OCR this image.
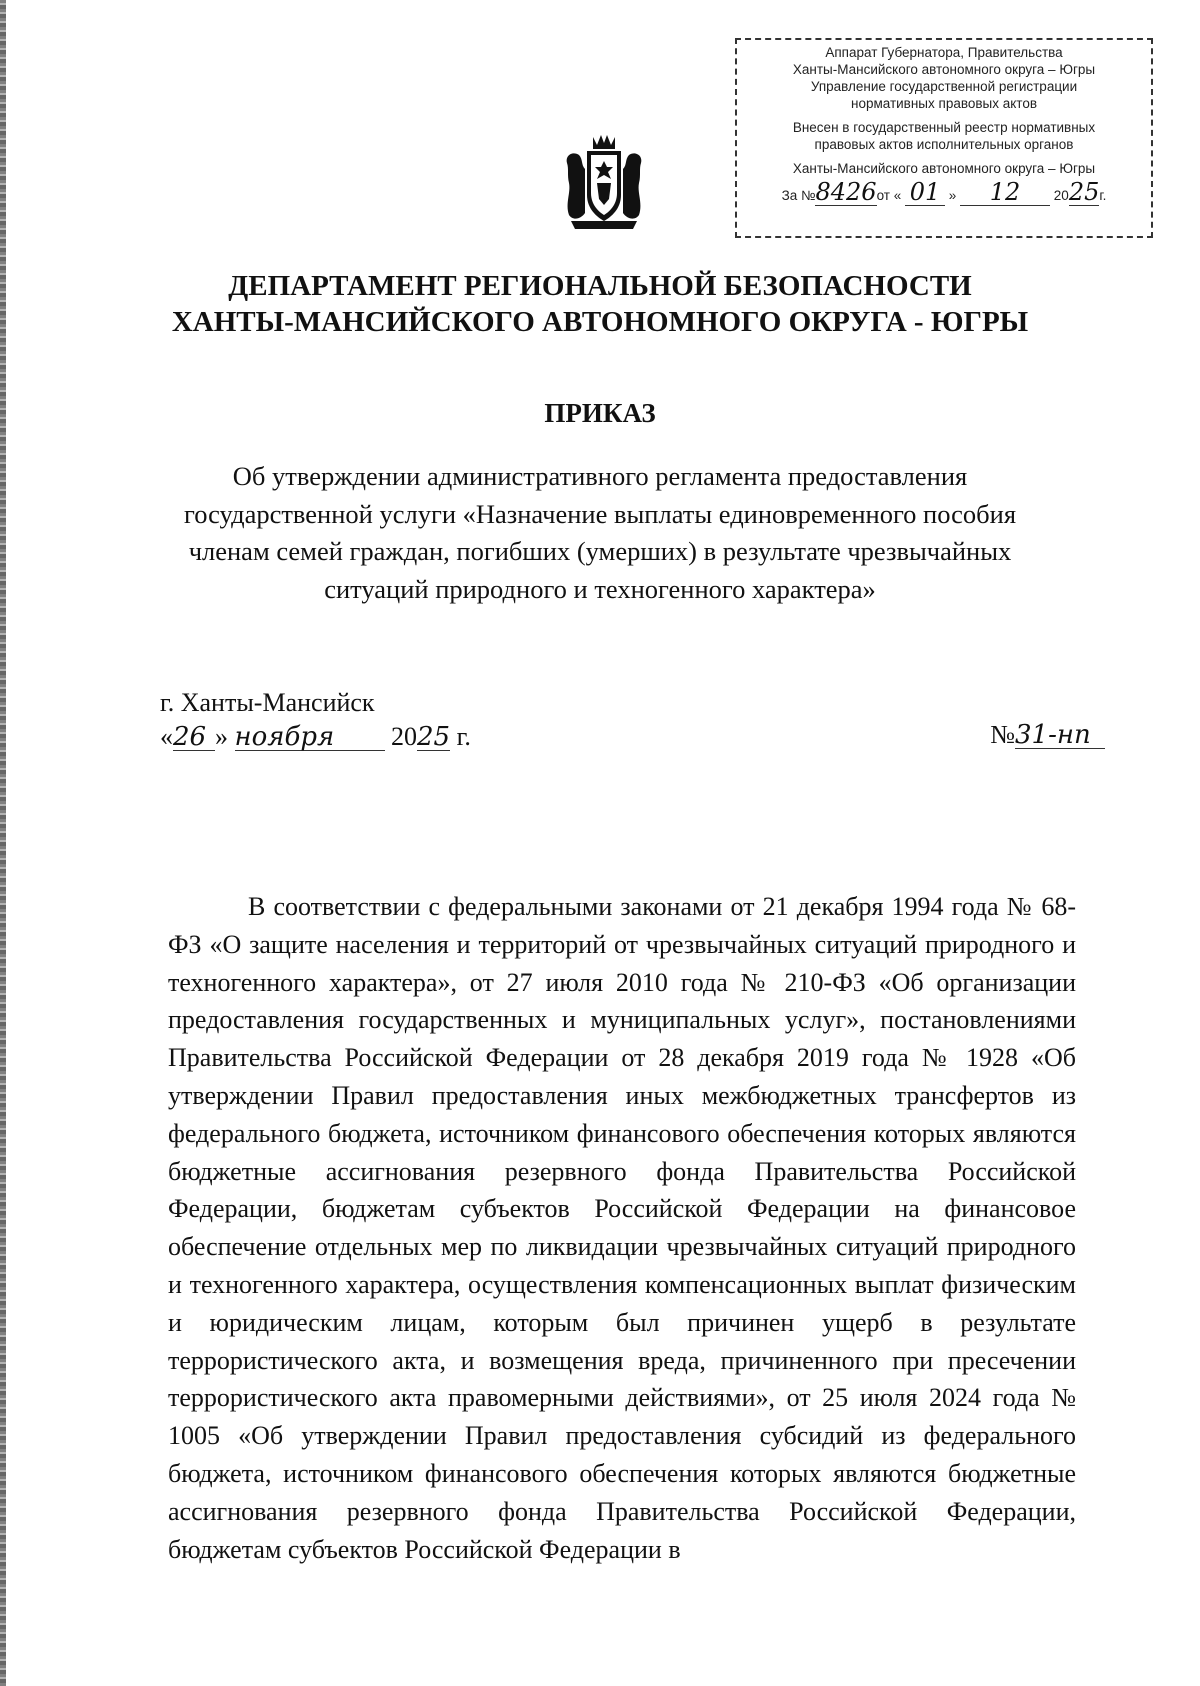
Аппарат Губернатора, Правительства
Ханты-Мансийского автономного округа – Югры
Управление государственной регистрации
нормативных правовых актов
Внесен в государственный реестр нормативных
правовых актов исполнительных органов
Ханты-Мансийского автономного округа – Югры
За №8426от « 01 » 12 2025г.
ДЕПАРТАМЕНТ РЕГИОНАЛЬНОЙ БЕЗОПАСНОСТИ
ХАНТЫ-МАНСИЙСКОГО АВТОНОМНОГО ОКРУГА - ЮГРЫ
ПРИКАЗ
Об утверждении административного регламента предоставления
государственной услуги «Назначение выплаты единовременного пособия
членам семей граждан, погибших (умерших) в результате чрезвычайных
ситуаций природного и техногенного характера»
г. Ханты-Мансийск
«26 » ноября 2025 г.	№31-нп
В соответствии с федеральными законами от 21 декабря 1994 года № 68-ФЗ «О защите населения и территорий от чрезвычайных ситуаций природного и техногенного характера», от 27 июля 2010 года № 210-ФЗ «Об организации предоставления государственных и муниципальных услуг», постановлениями Правительства Российской Федерации от 28 декабря 2019 года № 1928 «Об утверждении Правил предоставления иных межбюджетных трансфертов из федерального бюджета, источником финансового обеспечения которых являются бюджетные ассигнования резервного фонда Правительства Российской Федерации, бюджетам субъектов Российской Федерации на финансовое обеспечение отдельных мер по ликвидации чрезвычайных ситуаций природного и техногенного характера, осуществления компенсационных выплат физическим и юридическим лицам, которым был причинен ущерб в результате террористического акта, и возмещения вреда, причиненного при пресечении террористического акта правомерными действиями», от 25 июля 2024 года № 1005 «Об утверждении Правил предоставления субсидий из федерального бюджета, источником финансового обеспечения которых являются бюджетные ассигнования резервного фонда Правительства Российской Федерации, бюджетам субъектов Российской Федерации в
